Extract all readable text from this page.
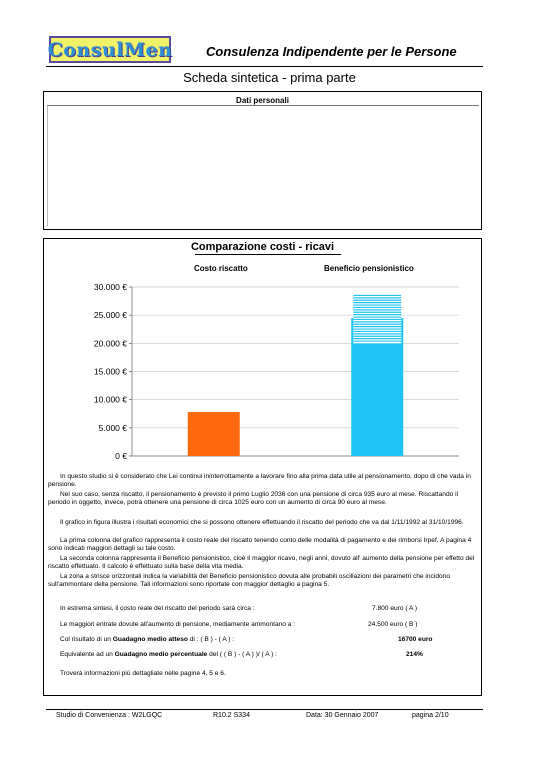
ConsulMen	Consulenza Indipendente per le Persone
Scheda sintetica - prima parte
Dati personali
Comparazione costi - ricavi
Costo riscatto	Beneficio pensionistico
0 €
5.000 €
10.000 €
15.000 €
20.000 €
25.000 €
30.000 €
In questo studio si è considerato che Lei continui ininterrottamente a lavorare fino alla prima data utile al pensionamento, dopo di che vada in pensione.
Nel suo caso, senza riscatto, il pensionamento è previsto il primo Luglio 2036 con una pensione di circa 935 euro al mese. Riscattando il periodo in oggetto, invece, potrà ottenere una pensione di circa 1025 euro con un aumento di circa 90 euro al mese.
Il grafico in figura illustra i risultati economici che si possono ottenere effettuando il riscatto del periodo che va dal 1/11/1992 al 31/10/1996.
La prima colonna del grafico rappresenta il costo reale del riscatto tenendo conto delle modalità di pagamento e dei rimborsi Irpef. A pagina 4 sono indicati maggiori dettagli su tale costo.
La seconda colonna rappresenta il Beneficio pensionistico, cioè il maggior ricavo, negli anni, dovuto all' aumento della pensione per effetto del riscatto effettuato. Il calcolo è effettuato sulla base della vita media.
La zona a strisce orizzontali indica la variabilità del Beneficio pensionistico dovuta alle probabili oscillazioni dei parametri che incidono sull'ammontare della pensione. Tali informazioni sono riportate con maggior dettaglio a pagina 5.
In estrema sintesi, il costo reale del riscatto del periodo sarà circa :	7.800 euro ( A )
Le maggiori entrate dovute all'aumento di pensione, mediamente ammontano a :	24.500 euro ( B )
Col risultato di un Guadagno medio atteso di : ( B ) - ( A ) :	16700 euro
Equivalente ad un Guadagno medio percentuale del ( ( B ) - ( A ) )/ ( A ) :	214%
Troverà informazioni più dettagliate nelle pagine 4, 5 e 6.
Studio di Convenienza : W2LGQC	R10.2 S334	Data: 30 Gennaio 2007	pagina 2/10
